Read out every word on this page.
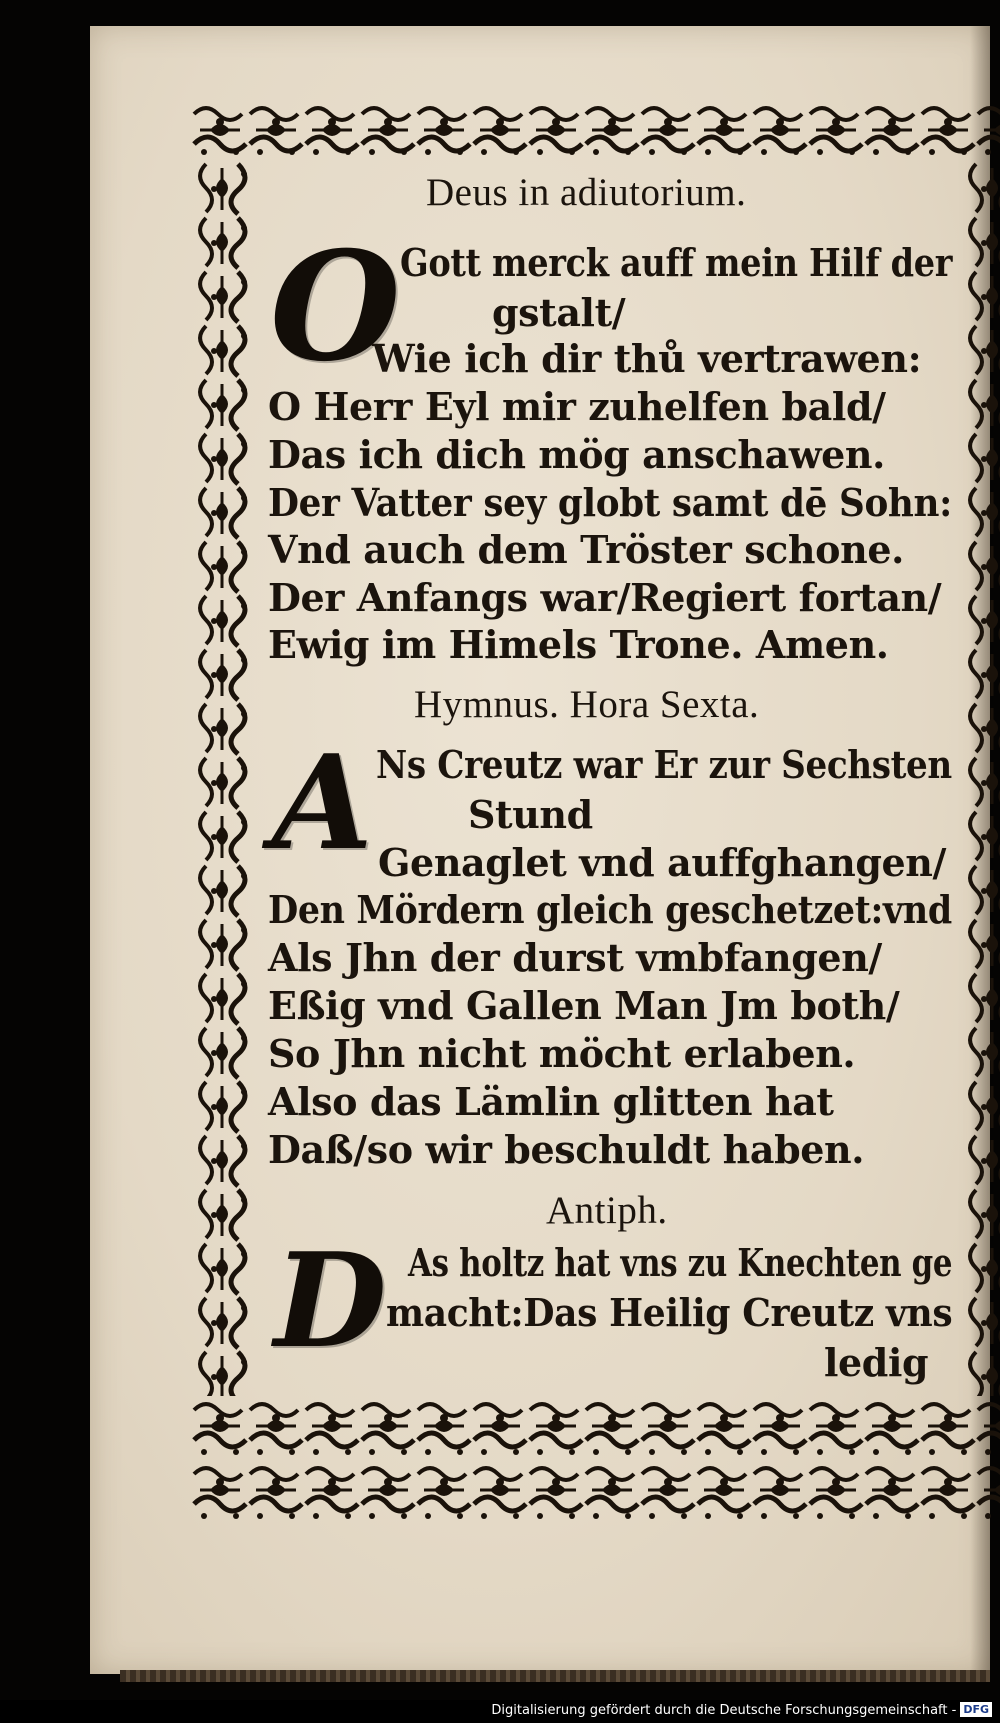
Deus in adiutorium.
O Gott merck auff mein Hilf der
gstalt/
Wie ich dir thů vertrawen:
O Herr Eyl mir zuhelfen bald/
Das ich dich mög anschawen.
Der Vatter sey globt samt dē Sohn:
Vnd auch dem Tröster schone.
Der Anfangs war/Regiert fortan/
Ewig im Himels Trone. Amen.
Hymnus. Hora Sexta.
A Ns Creutz war Er zur Sechsten
Stund
Genaglet vnd auffghangen/
Den Mördern gleich geschetzet:vnd
Als Jhn der durst vmbfangen/
Eßig vnd Gallen Man Jm both/
So Jhn nicht möcht erlaben.
Also das Lämlin glitten hat
Daß/so wir beschuldt haben.
Antiph.
D As holtz hat vns zu Knechten ge
macht:Das Heilig Creutz vns
ledig
Digitalisierung gefördert durch die Deutsche Forschungsgemeinschaft - DFG
